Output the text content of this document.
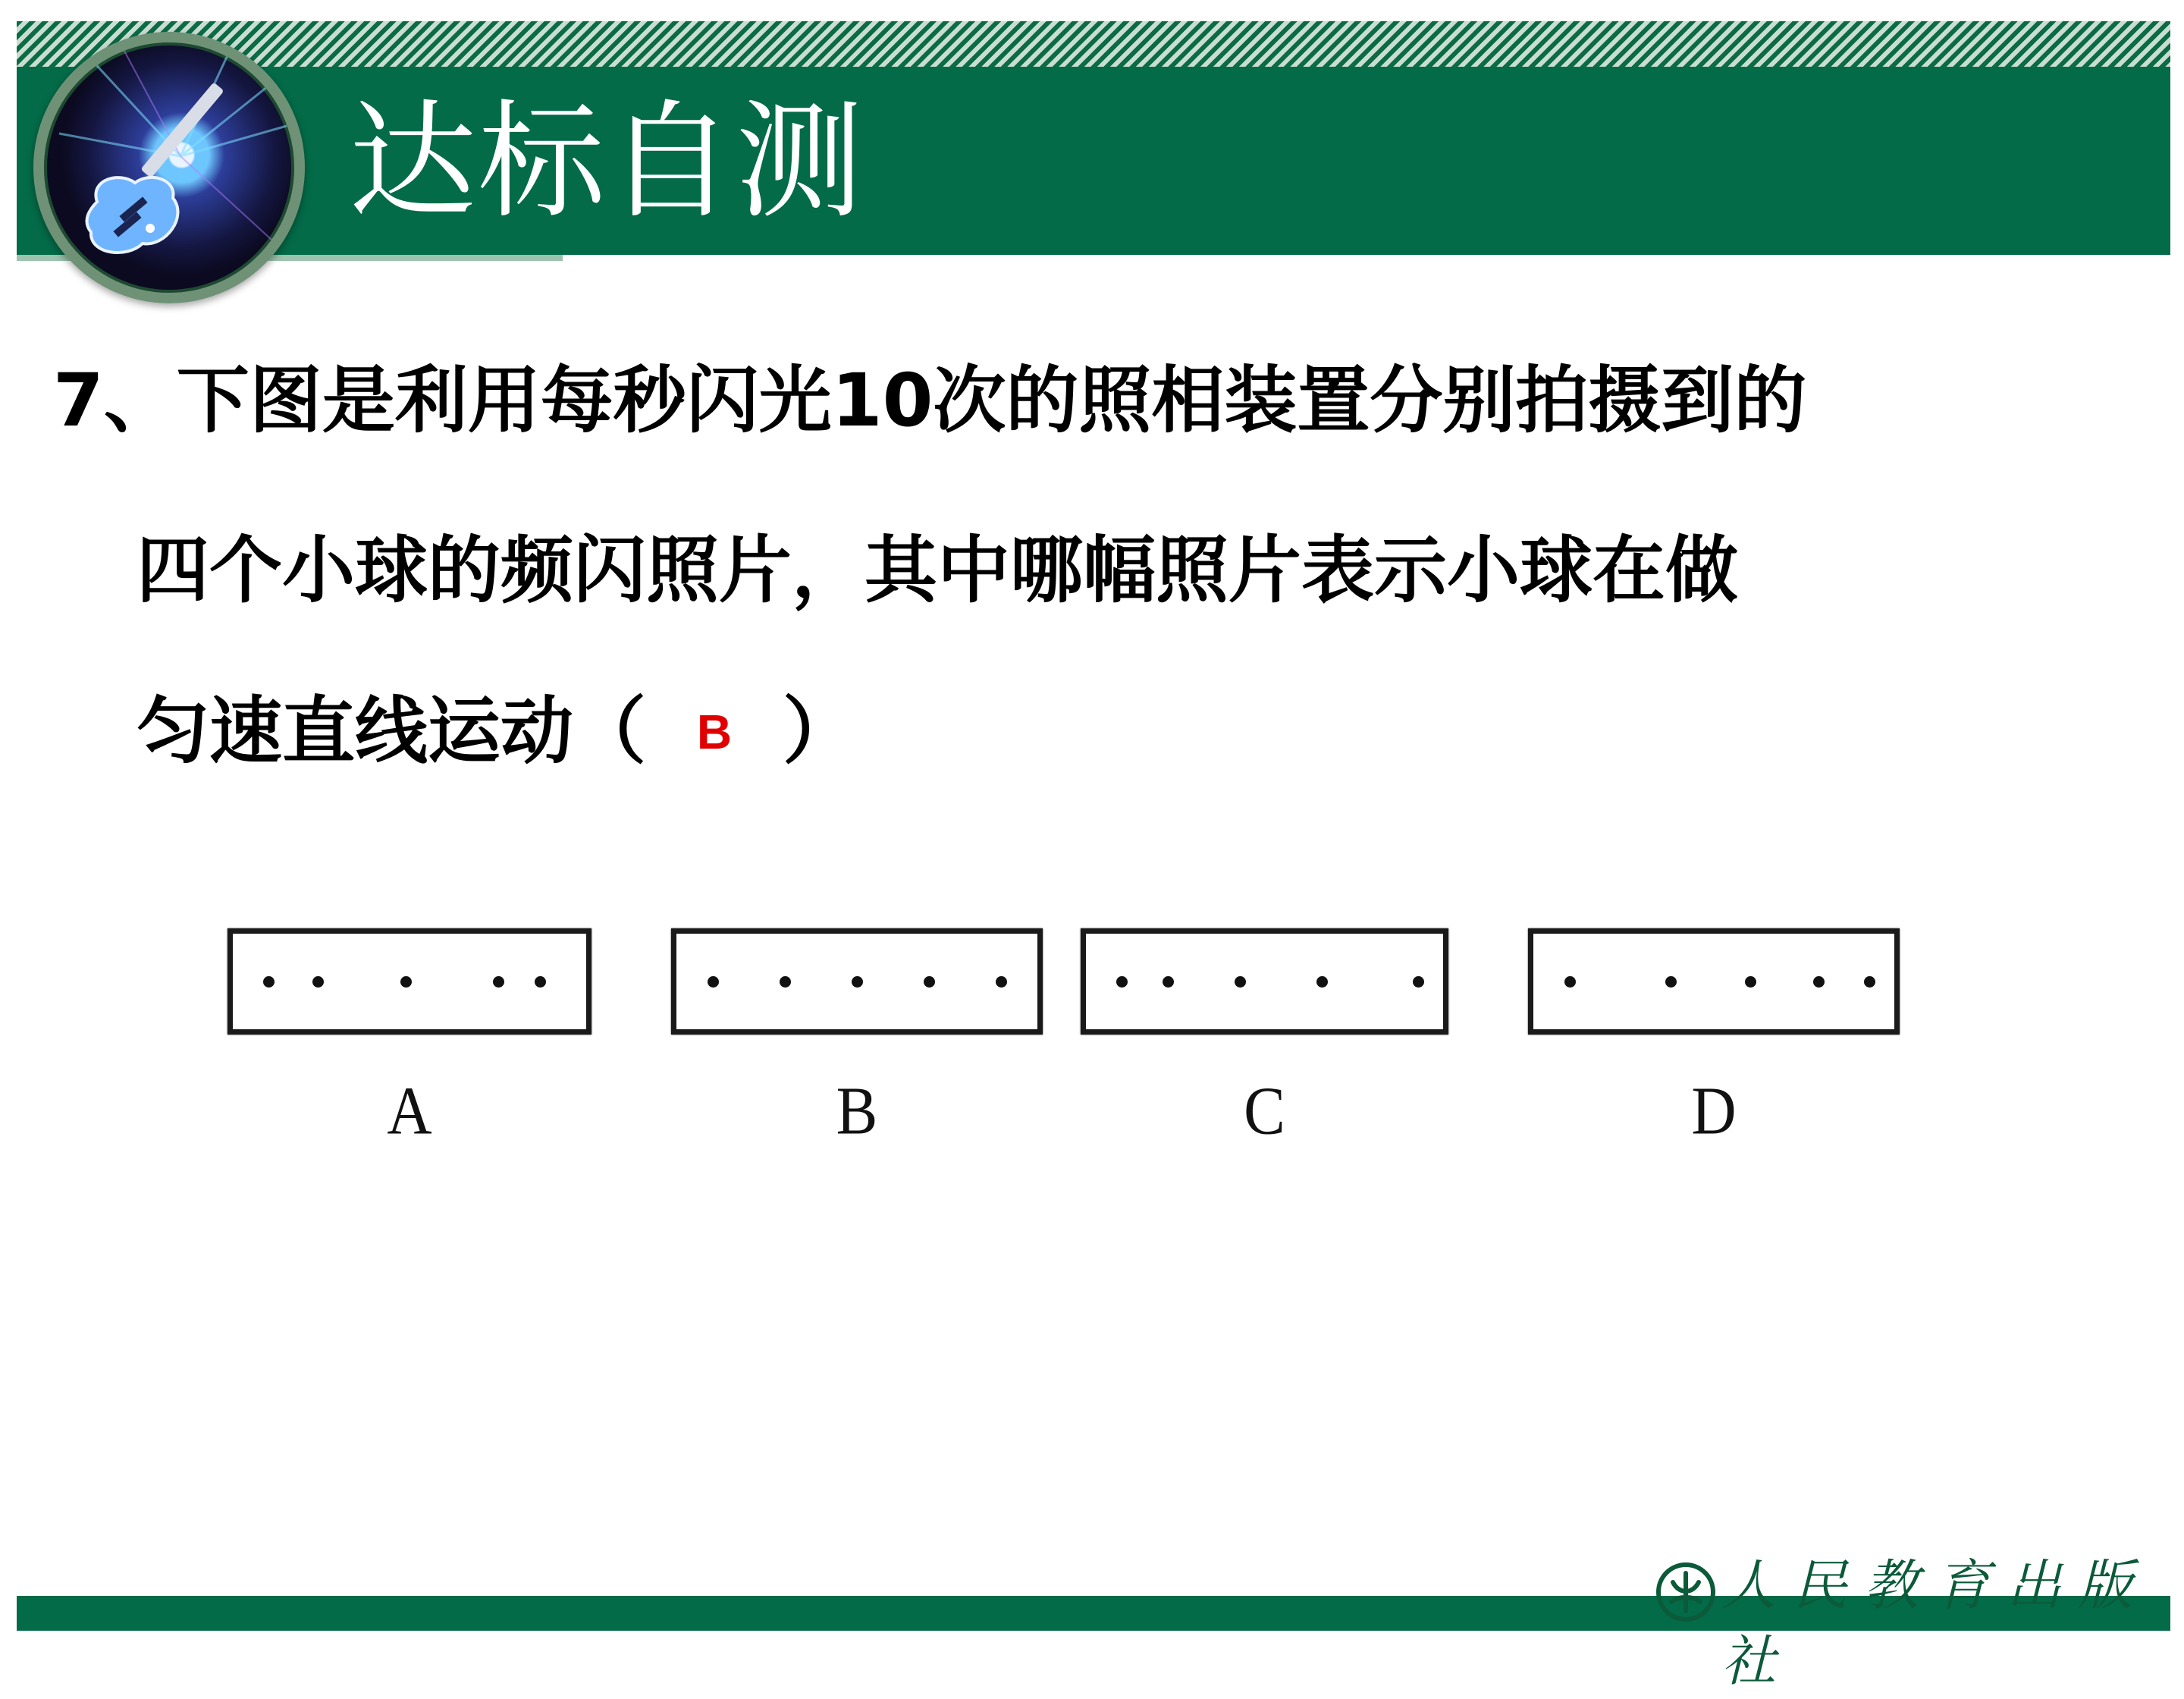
达标自测
7、下图是利用每秒闪光10次的照相装置分别拍摄到的
四个小球的频闪照片，其中哪幅照片表示小球在做
匀速直线运动（ B ）
A	B	C	D
人民教育出版社
